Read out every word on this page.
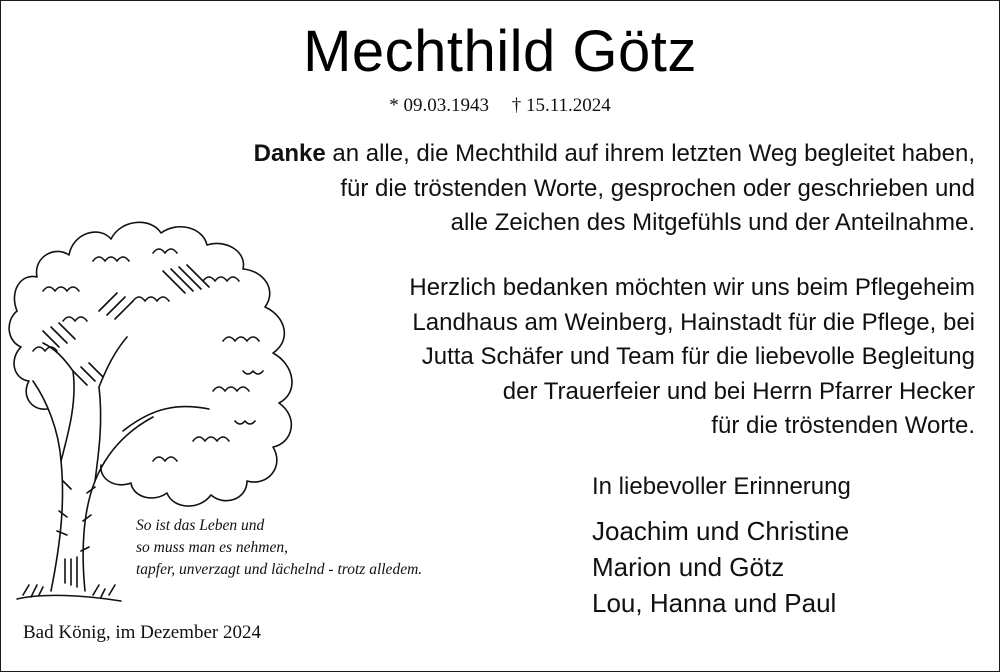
Mechthild Götz
* 09.03.1943 † 15.11.2024
Danke an alle, die Mechthild auf ihrem letzten Weg begleitet haben,
für die tröstenden Worte, gesprochen oder geschrieben und
alle Zeichen des Mitgefühls und der Anteilnahme.
Herzlich bedanken möchten wir uns beim Pflegeheim
Landhaus am Weinberg, Hainstadt für die Pflege, bei
Jutta Schäfer und Team für die liebevolle Begleitung
der Trauerfeier und bei Herrn Pfarrer Hecker
für die tröstenden Worte.
So ist das Leben und
so muss man es nehmen,
tapfer, unverzagt und lächelnd - trotz alledem.
In liebevoller Erinnerung
Joachim und Christine
Marion und Götz
Lou, Hanna und Paul
Bad König, im Dezember 2024
